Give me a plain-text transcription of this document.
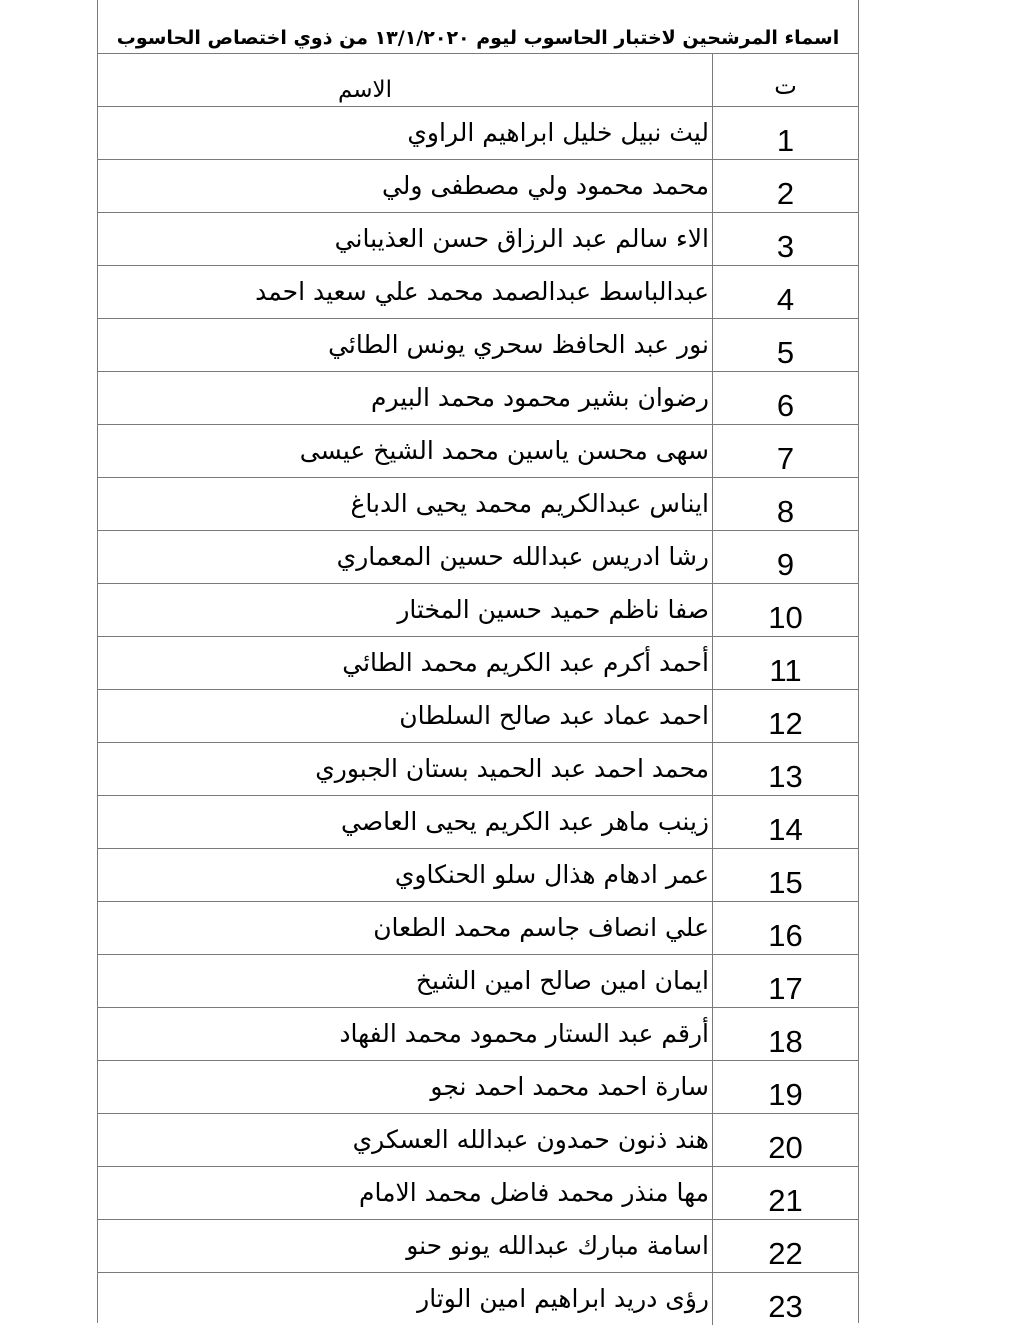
اسماء المرشحين لاختبار الحاسوب ليوم ١٣/١/٢٠٢٠ من ذوي اختصاص الحاسوب
الاسم	ت
ليث نبيل خليل ابراهيم الراوي	1
محمد محمود ولي مصطفى ولي	2
الاء سالم عبد الرزاق حسن العذيباني	3
عبدالباسط عبدالصمد محمد علي سعيد احمد	4
نور عبد الحافظ سحري يونس الطائي	5
رضوان بشير محمود محمد البيرم	6
سهى محسن ياسين محمد الشيخ عيسى	7
ايناس عبدالكريم محمد يحيى الدباغ	8
رشا ادريس عبدالله حسين المعماري	9
صفا ناظم حميد حسين المختار	10
أحمد أكرم عبد الكريم محمد الطائي	11
احمد عماد عبد صالح السلطان	12
محمد احمد عبد الحميد بستان الجبوري	13
زينب ماهر عبد الكريم يحيى العاصي	14
عمر ادهام هذال سلو الحنكاوي	15
علي انصاف جاسم محمد الطعان	16
ايمان امين صالح امين الشيخ	17
أرقم عبد الستار محمود محمد الفهاد	18
سارة احمد محمد احمد نجو	19
هند ذنون حمدون عبدالله العسكري	20
مها منذر محمد فاضل محمد الامام	21
اسامة مبارك عبدالله يونو حنو	22
رؤى دريد ابراهيم امين الوتار	23
